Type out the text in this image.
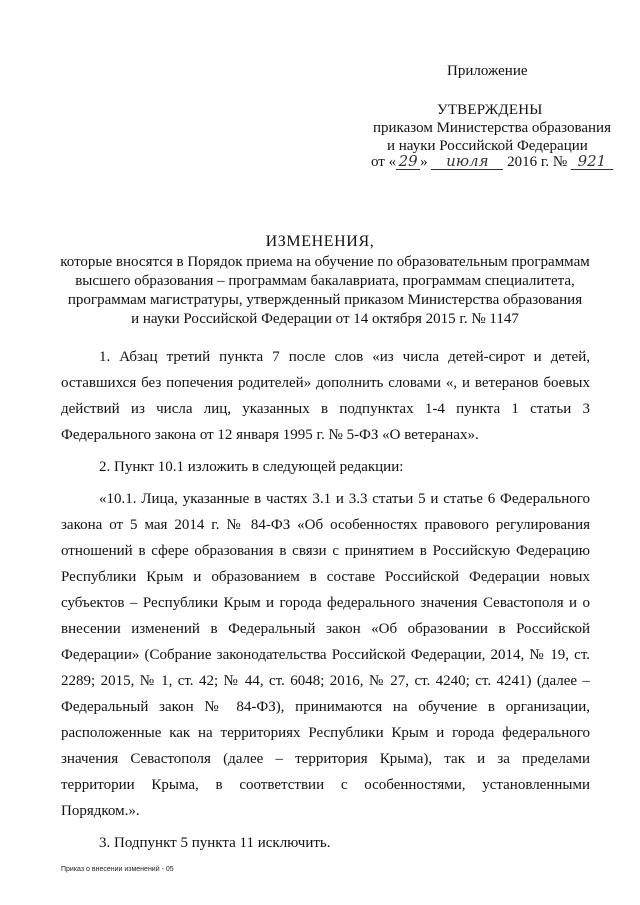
Приложение
УТВЕРЖДЕНЫ
приказом Министерства образования
и науки Российской Федерации
от « 29 » июля 2016 г. № 921
ИЗМЕНЕНИЯ,
которые вносятся в Порядок приема на обучение по образовательным программам
высшего образования – программам бакалавриата, программам специалитета,
программам магистратуры, утвержденный приказом Министерства образования
и науки Российской Федерации от 14 октября 2015 г. № 1147

1. Абзац третий пункта 7 после слов «из числа детей-сирот и детей, оставшихся без попечения родителей» дополнить словами «, и ветеранов боевых действий из числа лиц, указанных в подпунктах 1-4 пункта 1 статьи 3 Федерального закона от 12 января 1995 г. № 5-ФЗ «О ветеранах».

2. Пункт 10.1 изложить в следующей редакции:

«10.1. Лица, указанные в частях 3.1 и 3.3 статьи 5 и статье 6 Федерального закона от 5 мая 2014 г. № 84-ФЗ «Об особенностях правового регулирования отношений в сфере образования в связи с принятием в Российскую Федерацию Республики Крым и образованием в составе Российской Федерации новых субъектов – Республики Крым и города федерального значения Севастополя и о внесении изменений в Федеральный закон «Об образовании в Российской Федерации» (Собрание законодательства Российской Федерации, 2014, № 19, ст. 2289; 2015, № 1, ст. 42; № 44, ст. 6048; 2016, № 27, ст. 4240; ст. 4241) (далее – Федеральный закон № 84-ФЗ), принимаются на обучение в организации, расположенные как на территориях Республики Крым и города федерального значения Севастополя (далее – территория Крыма), так и за пределами территории Крыма, в соответствии с особенностями, установленными Порядком.».

3. Подпункт 5 пункта 11 исключить.

Приказ о внесении изменений - 05
